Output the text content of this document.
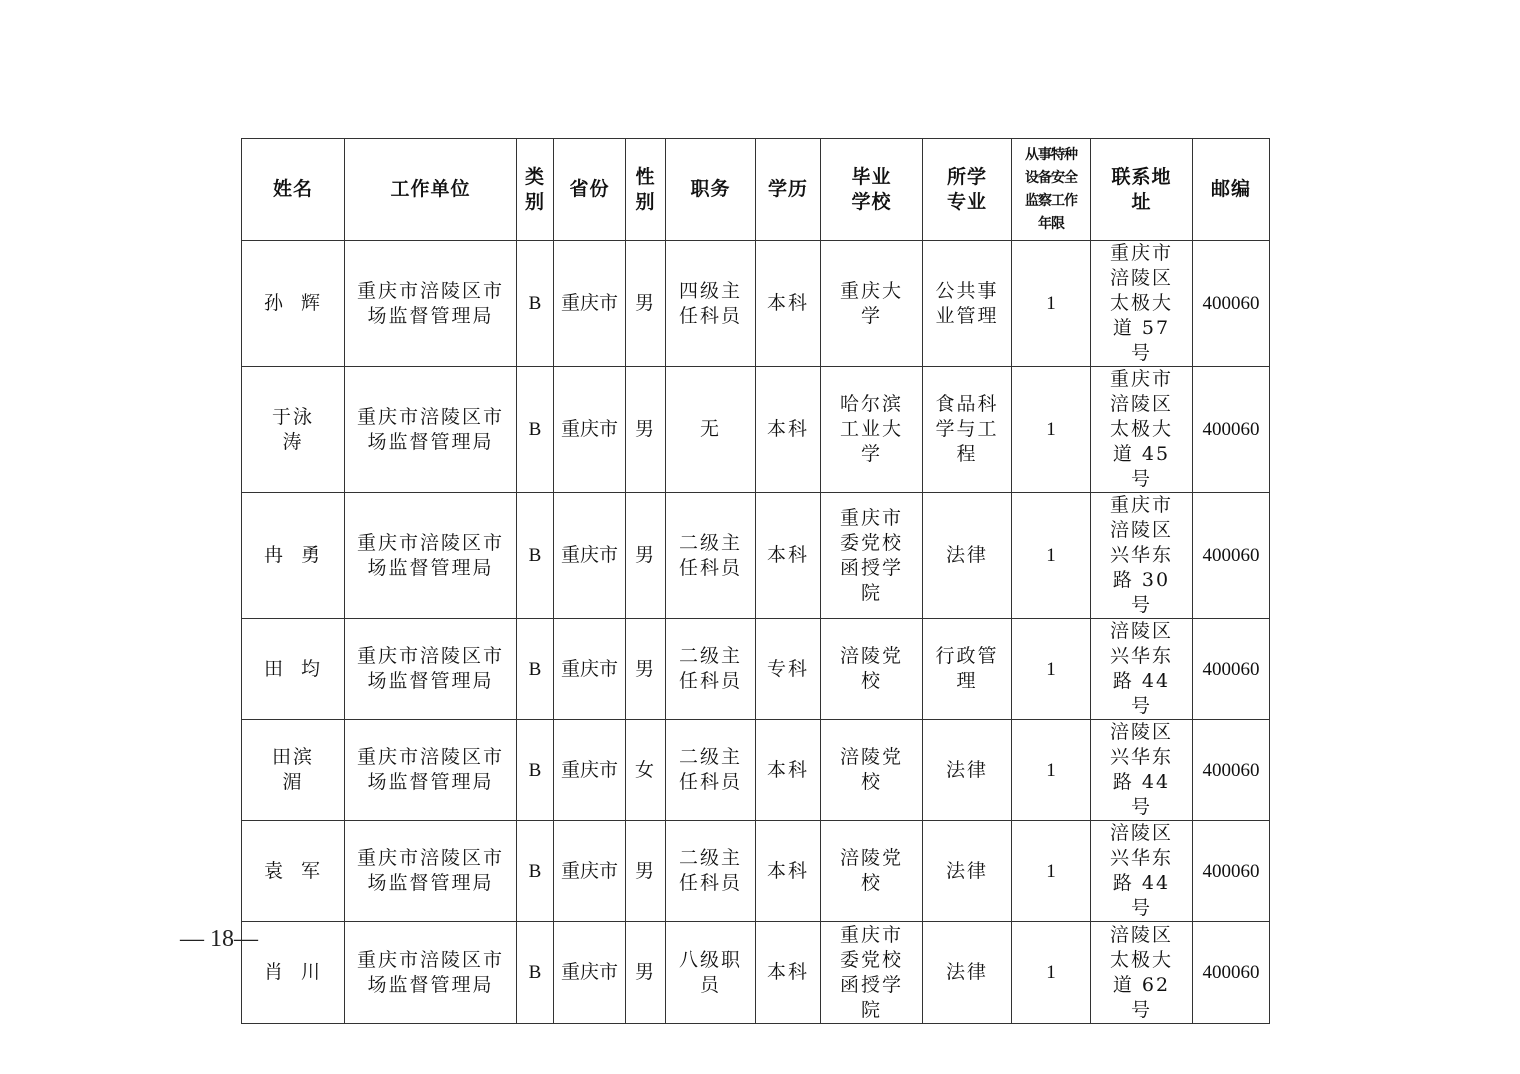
姓名	工作单位	类别	省份	性别	职务	学历	毕业学校	所学专业	从事特种设备安全监察工作年限	联系地址	邮编

孙  辉	重庆市涪陵区市场监督管理局	B	重庆市	男	四级主任科员	本科	重庆大学	公共事业管理	1	重庆市涪陵区太极大道 57 号	400060

于泳涛	重庆市涪陵区市场监督管理局	B	重庆市	男	无	本科	哈尔滨工业大学	食品科学与工程	1	重庆市涪陵区太极大道 45 号	400060

冉  勇	重庆市涪陵区市场监督管理局	B	重庆市	男	二级主任科员	本科	重庆市委党校函授学院	法律	1	重庆市涪陵区兴华东路 30 号	400060

田  均	重庆市涪陵区市场监督管理局	B	重庆市	男	二级主任科员	专科	涪陵党校	行政管理	1	涪陵区兴华东路 44 号	400060

田滨湄	重庆市涪陵区市场监督管理局	B	重庆市	女	二级主任科员	本科	涪陵党校	法律	1	涪陵区兴华东路 44 号	400060

袁  军	重庆市涪陵区市场监督管理局	B	重庆市	男	二级主任科员	本科	涪陵党校	法律	1	涪陵区兴华东路 44 号	400060

肖  川	重庆市涪陵区市场监督管理局	B	重庆市	男	八级职员	本科	重庆市委党校函授学院	法律	1	涪陵区太极大道 62 号	400060
— 18—
